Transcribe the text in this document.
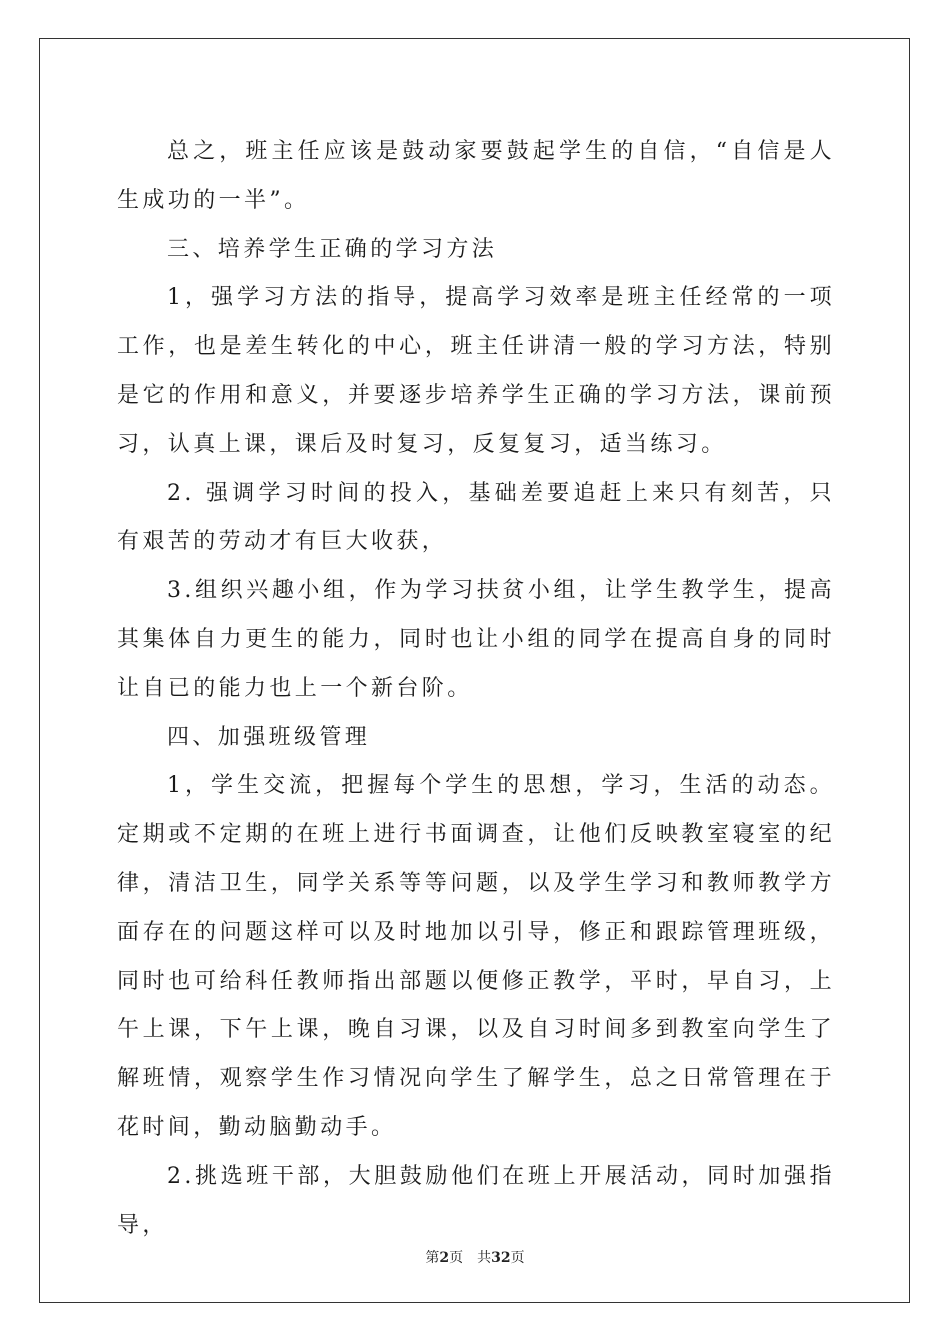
总之，班主任应该是鼓动家要鼓起学生的自信，“自信是人生成功的一半”。

三、培养学生正确的学习方法

1，强学习方法的指导，提高学习效率是班主任经常的一项工作，也是差生转化的中心，班主任讲清一般的学习方法，特别是它的作用和意义，并要逐步培养学生正确的学习方法，课前预习，认真上课，课后及时复习，反复复习，适当练习。

2. 强调学习时间的投入，基础差要追赶上来只有刻苦，只有艰苦的劳动才有巨大收获，

3.组织兴趣小组，作为学习扶贫小组，让学生教学生，提高其集体自力更生的能力，同时也让小组的同学在提高自身的同时让自已的能力也上一个新台阶。

四、加强班级管理

1，学生交流，把握每个学生的思想，学习，生活的动态。定期或不定期的在班上进行书面调查，让他们反映教室寝室的纪律，清洁卫生，同学关系等等问题，以及学生学习和教师教学方面存在的问题这样可以及时地加以引导，修正和跟踪管理班级，同时也可给科任教师指出部题以便修正教学，平时，早自习，上午上课，下午上课，晚自习课，以及自习时间多到教室向学生了解班情，观察学生作习情况向学生了解学生，总之日常管理在于花时间，勤动脑勤动手。

2.挑选班干部，大胆鼓励他们在班上开展活动，同时加强指导，

第2页 共32页
